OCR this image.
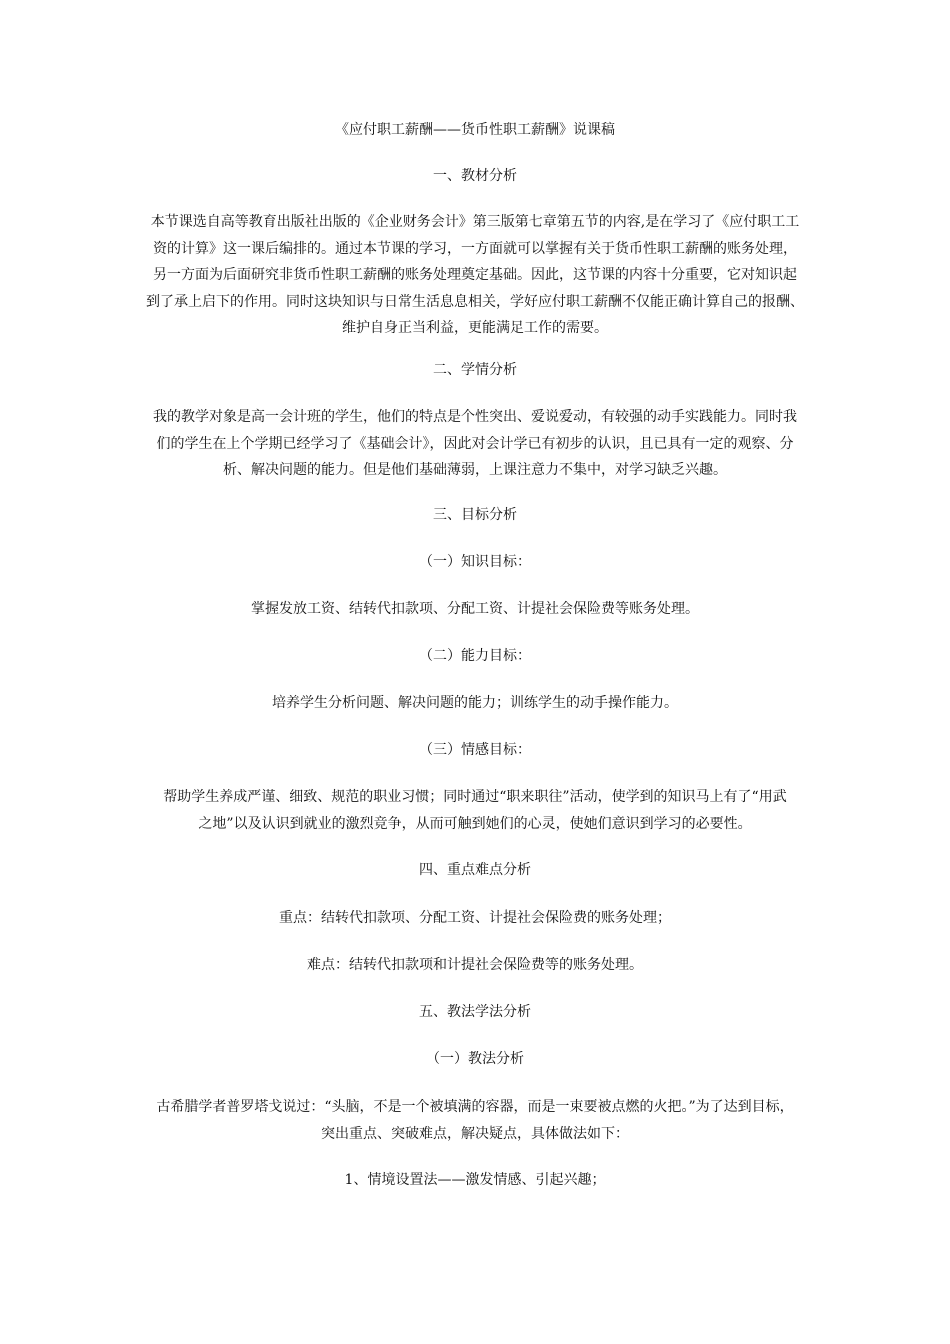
《应付职工薪酬——货币性职工薪酬》说课稿
一、教材分析
本节课选自高等教育出版社出版的《企业财务会计》第三版第七章第五节的内容,是在学习了《应付职工工
资的计算》这一课后编排的。通过本节课的学习，一方面就可以掌握有关于货币性职工薪酬的账务处理，
另一方面为后面研究非货币性职工薪酬的账务处理奠定基础。因此，这节课的内容十分重要，它对知识起
到了承上启下的作用。同时这块知识与日常生活息息相关，学好应付职工薪酬不仅能正确计算自己的报酬、
维护自身正当利益，更能满足工作的需要。
二、学情分析
我的教学对象是高一会计班的学生，他们的特点是个性突出、爱说爱动，有较强的动手实践能力。同时我
们的学生在上个学期已经学习了《基础会计》，因此对会计学已有初步的认识，且已具有一定的观察、分
析、解决问题的能力。但是他们基础薄弱，上课注意力不集中，对学习缺乏兴趣。
三、目标分析
（一）知识目标：
掌握发放工资、结转代扣款项、分配工资、计提社会保险费等账务处理。
（二）能力目标：
培养学生分析问题、解决问题的能力；训练学生的动手操作能力。
（三）情感目标：
帮助学生养成严谨、细致、规范的职业习惯；同时通过“职来职往”活动，使学到的知识马上有了“用武
之地”以及认识到就业的激烈竞争，从而可触到她们的心灵，使她们意识到学习的必要性。
四、重点难点分析
重点：结转代扣款项、分配工资、计提社会保险费的账务处理；
难点：结转代扣款项和计提社会保险费等的账务处理。
五、教法学法分析
（一）教法分析
古希腊学者普罗塔戈说过：“头脑，不是一个被填满的容器，而是一束要被点燃的火把。”为了达到目标，
突出重点、突破难点，解决疑点，具体做法如下：
1、情境设置法——激发情感、引起兴趣；
